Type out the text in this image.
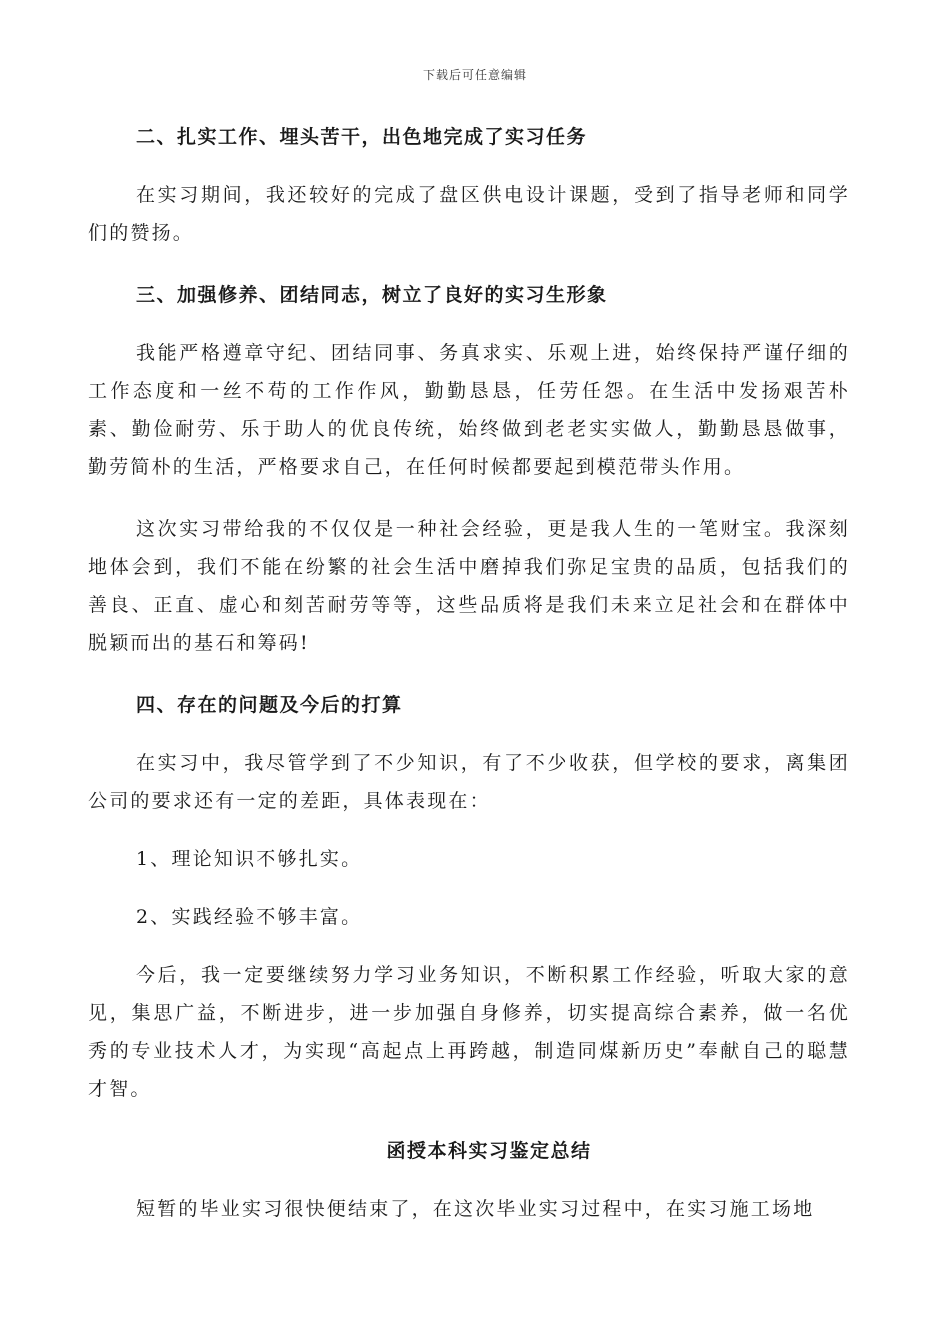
下载后可任意编辑

二、扎实工作、埋头苦干，出色地完成了实习任务

在实习期间，我还较好的完成了盘区供电设计课题，受到了指导老师和同学们的赞扬。

三、加强修养、团结同志，树立了良好的实习生形象

我能严格遵章守纪、团结同事、务真求实、乐观上进，始终保持严谨仔细的工作态度和一丝不苟的工作作风，勤勤恳恳，任劳任怨。在生活中发扬艰苦朴素、勤俭耐劳、乐于助人的优良传统，始终做到老老实实做人，勤勤恳恳做事，勤劳简朴的生活，严格要求自己，在任何时候都要起到模范带头作用。

这次实习带给我的不仅仅是一种社会经验，更是我人生的一笔财宝。我深刻地体会到，我们不能在纷繁的社会生活中磨掉我们弥足宝贵的品质，包括我们的善良、正直、虚心和刻苦耐劳等等，这些品质将是我们未来立足社会和在群体中脱颖而出的基石和筹码!

四、存在的问题及今后的打算

在实习中，我尽管学到了不少知识，有了不少收获，但学校的要求，离集团公司的要求还有一定的差距，具体表现在：

1、理论知识不够扎实。

2、实践经验不够丰富。

今后，我一定要继续努力学习业务知识，不断积累工作经验，听取大家的意见，集思广益，不断进步，进一步加强自身修养，切实提高综合素养，做一名优秀的专业技术人才，为实现“高起点上再跨越，制造同煤新历史”奉献自己的聪慧才智。

函授本科实习鉴定总结

短暂的毕业实习很快便结束了，在这次毕业实习过程中，在实习施工场地
